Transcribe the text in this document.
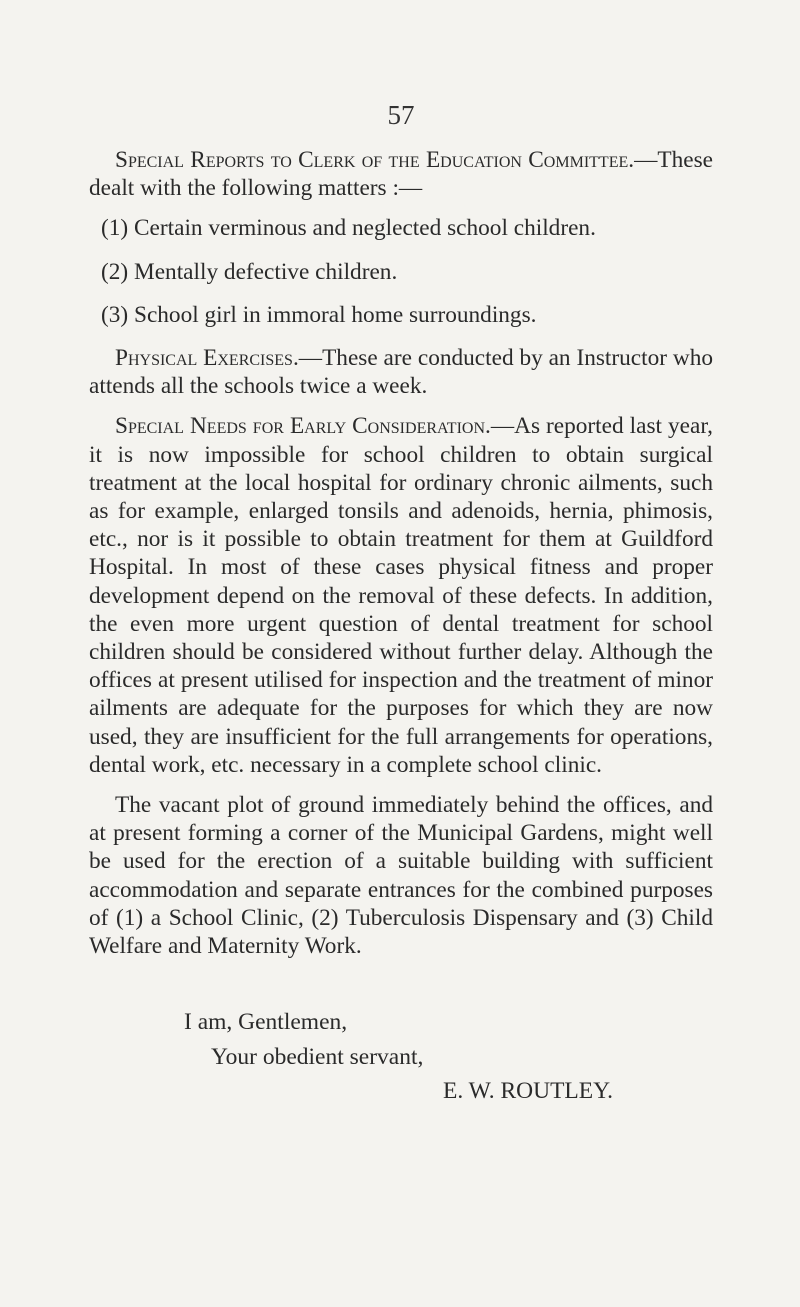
57

Special Reports to Clerk of the Education Committee.—These dealt with the following matters :—

(1) Certain verminous and neglected school children.

(2) Mentally defective children.

(3) School girl in immoral home surroundings.

Physical Exercises.—These are conducted by an Instructor who attends all the schools twice a week.

Special Needs for Early Consideration.—As reported last year, it is now impossible for school children to obtain surgical treatment at the local hospital for ordinary chronic ailments, such as for example, enlarged tonsils and adenoids, hernia, phimosis, etc., nor is it possible to obtain treatment for them at Guildford Hospital. In most of these cases physical fitness and proper development depend on the removal of these defects. In addition, the even more urgent question of dental treatment for school children should be considered without further delay. Although the offices at present utilised for inspection and the treatment of minor ailments are adequate for the purposes for which they are now used, they are insufficient for the full arrangements for operations, dental work, etc. necessary in a complete school clinic.

The vacant plot of ground immediately behind the offices, and at present forming a corner of the Municipal Gardens, might well be used for the erection of a suitable building with sufficient accommodation and separate entrances for the combined purposes of (1) a School Clinic, (2) Tuberculosis Dispensary and (3) Child Welfare and Maternity Work.

I am, Gentlemen,
Your obedient servant,
E. W. ROUTLEY.
